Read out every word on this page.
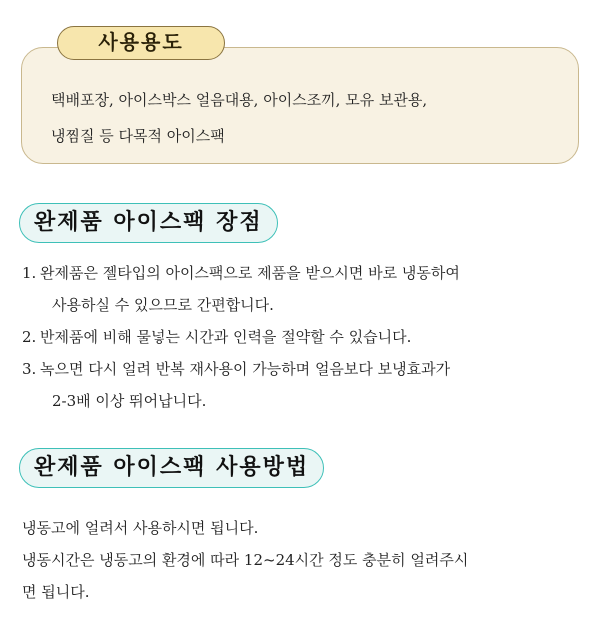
사용용도
택배포장, 아이스박스 얼음대용, 아이스조끼, 모유 보관용,
냉찜질 등 다목적 아이스팩
완제품 아이스팩 장점
1. 완제품은 젤타입의 아이스팩으로 제품을 받으시면 바로 냉동하여
사용하실 수 있으므로 간편합니다.
2. 반제품에 비해 물넣는 시간과 인력을 절약할 수 있습니다.
3. 녹으면 다시 얼려 반복 재사용이 가능하며 얼음보다 보냉효과가
2-3배 이상 뛰어납니다.
완제품 아이스팩 사용방법
냉동고에 얼려서 사용하시면 됩니다.
냉동시간은 냉동고의 환경에 따라 12~24시간 정도 충분히 얼려주시
면 됩니다.
